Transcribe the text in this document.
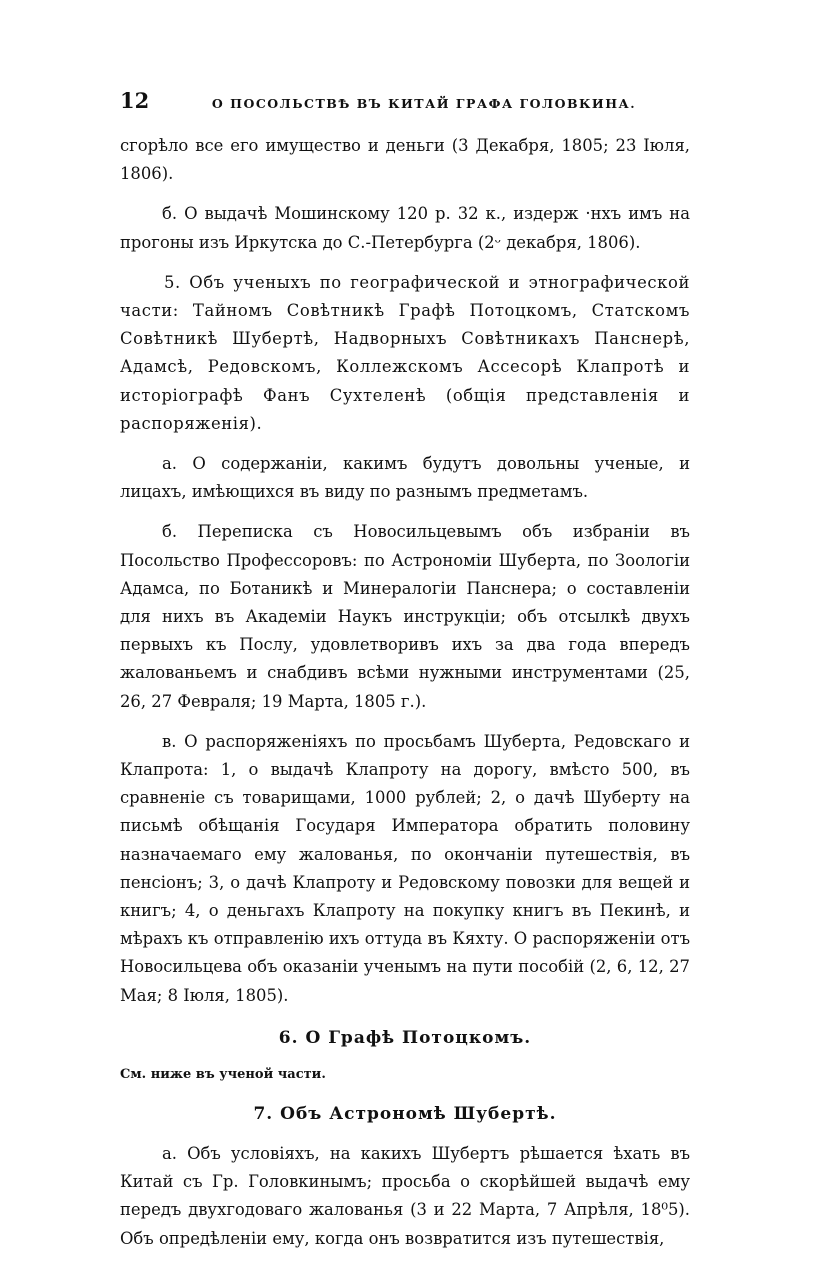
12	О ПОСОЛЬСТВѢ ВЪ КИТАЙ ГРАФА ГОЛОВКИНА.

сгорѣло все его имущество и деньги (3 Декабря, 1805; 23 Іюля, 1806).

б. О выдачѣ Мошинскому 120 р. 32 к., издерж ·нхъ имъ на прогоны изъ Иркутска до С.-Петербурга (2ᵕ декабря, 1806).

5. Объ ученыхъ по географической и этнографической части: Тайномъ Совѣтникѣ Графѣ Потоцкомъ, Статскомъ Совѣтникѣ Шубертѣ, Надворныхъ Совѣтникахъ Панснерѣ, Адамсѣ, Редовскомъ, Коллежскомъ Ассесорѣ Клапротѣ и исторіографѣ Фанъ Сухтеленѣ (общія представленія и распоряженія).

а. О содержаніи, какимъ будутъ довольны ученые, и лицахъ, имѣющихся въ виду по разнымъ предметамъ.

б. Переписка съ Новосильцевымъ объ избраніи въ Посольство Профессоровъ: по Астрономіи Шуберта, по Зоологіи Адамса, по Ботаникѣ и Минералогіи Панснера; о составленіи для нихъ въ Академіи Наукъ инструкціи; объ отсылкѣ двухъ первыхъ къ Послу, удовлетворивъ ихъ за два года впередъ жалованьемъ и снабдивъ всѣми нужными инструментами (25, 26, 27 Февраля; 19 Марта, 1805 г.).

в. О распоряженіяхъ по просьбамъ Шуберта, Редовскаго и Клапрота: 1, о выдачѣ Клапроту на дорогу, вмѣсто 500, въ сравненіе съ товарищами, 1000 рублей; 2, о дачѣ Шуберту на письмѣ обѣщанія Государя Императора обратить половину назначаемаго ему жалованья, по окончаніи путешествія, въ пенсіонъ; 3, о дачѣ Клапроту и Редовскому повозки для вещей и книгъ; 4, о деньгахъ Клапроту на покупку книгъ въ Пекинѣ, и мѣрахъ къ отправленію ихъ оттуда въ Кяхту. О распоряженіи отъ Новосильцева объ оказаніи ученымъ на пути пособій (2, 6, 12, 27 Мая; 8 Іюля, 1805).

6. О Графѣ Потоцкомъ.
См. ниже въ ученой части.
7. Объ Астрономѣ Шубертѣ.

а. Объ условіяхъ, на какихъ Шубертъ рѣшается ѣхать въ Китай съ Гр. Головкинымъ; просьба о скорѣйшей выдачѣ ему передъ двухгодоваго жалованья (3 и 22 Марта, 7 Апрѣля, 18⁰5). Объ опредѣленіи ему, когда онъ возвратится изъ путешествія,
